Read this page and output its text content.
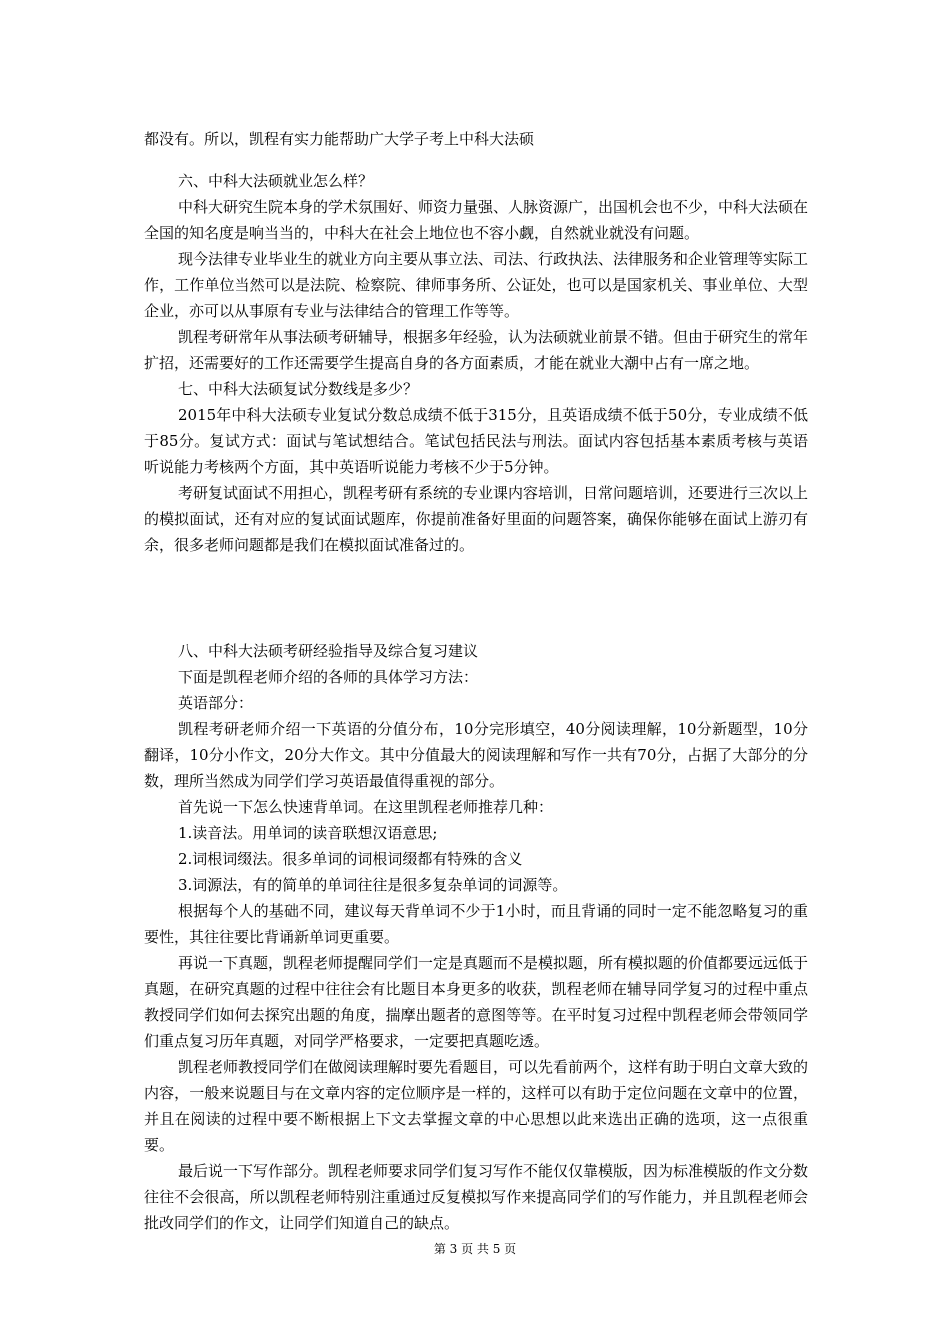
都没有。所以，凯程有实力能帮助广大学子考上中科大法硕

六、中科大法硕就业怎么样？

中科大研究生院本身的学术氛围好、师资力量强、人脉资源广，出国机会也不少，中科大法硕在全国的知名度是响当当的，中科大在社会上地位也不容小觑，自然就业就没有问题。

现今法律专业毕业生的就业方向主要从事立法、司法、行政执法、法律服务和企业管理等实际工作，工作单位当然可以是法院、检察院、律师事务所、公证处，也可以是国家机关、事业单位、大型企业，亦可以从事原有专业与法律结合的管理工作等等。

凯程考研常年从事法硕考研辅导，根据多年经验，认为法硕就业前景不错。但由于研究生的常年扩招，还需要好的工作还需要学生提高自身的各方面素质，才能在就业大潮中占有一席之地。

七、中科大法硕复试分数线是多少？

2015年中科大法硕专业复试分数总成绩不低于315分，且英语成绩不低于50分，专业成绩不低于85分。复试方式：面试与笔试想结合。笔试包括民法与刑法。面试内容包括基本素质考核与英语听说能力考核两个方面，其中英语听说能力考核不少于5分钟。

考研复试面试不用担心，凯程考研有系统的专业课内容培训，日常问题培训，还要进行三次以上的模拟面试，还有对应的复试面试题库，你提前准备好里面的问题答案，确保你能够在面试上游刃有余，很多老师问题都是我们在模拟面试准备过的。

八、中科大法硕考研经验指导及综合复习建议

下面是凯程老师介绍的各师的具体学习方法：

英语部分：

凯程考研老师介绍一下英语的分值分布，10分完形填空，40分阅读理解，10分新题型，10分翻译，10分小作文，20分大作文。其中分值最大的阅读理解和写作一共有70分，占据了大部分的分数，理所当然成为同学们学习英语最值得重视的部分。

首先说一下怎么快速背单词。在这里凯程老师推荐几种：

1.读音法。用单词的读音联想汉语意思;

2.词根词缀法。很多单词的词根词缀都有特殊的含义

3.词源法，有的简单的单词往往是很多复杂单词的词源等。

根据每个人的基础不同，建议每天背单词不少于1小时，而且背诵的同时一定不能忽略复习的重要性，其往往要比背诵新单词更重要。

再说一下真题，凯程老师提醒同学们一定是真题而不是模拟题，所有模拟题的价值都要远远低于真题，在研究真题的过程中往往会有比题目本身更多的收获，凯程老师在辅导同学复习的过程中重点教授同学们如何去探究出题的角度，揣摩出题者的意图等等。在平时复习过程中凯程老师会带领同学们重点复习历年真题，对同学严格要求，一定要把真题吃透。

凯程老师教授同学们在做阅读理解时要先看题目，可以先看前两个，这样有助于明白文章大致的内容，一般来说题目与在文章内容的定位顺序是一样的，这样可以有助于定位问题在文章中的位置，并且在阅读的过程中要不断根据上下文去掌握文章的中心思想以此来选出正确的选项，这一点很重要。

最后说一下写作部分。凯程老师要求同学们复习写作不能仅仅靠模版，因为标准模版的作文分数往往不会很高，所以凯程老师特别注重通过反复模拟写作来提高同学们的写作能力，并且凯程老师会批改同学们的作文，让同学们知道自己的缺点。

第 3 页 共 5 页
